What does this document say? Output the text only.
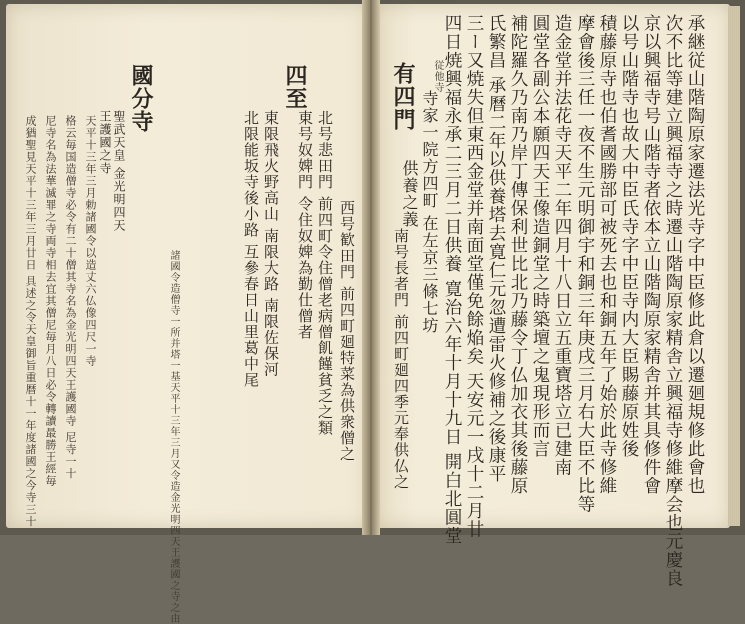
承継従山階陶原家遷法光寺字中臣修此倉以遷廻規修此會也
次不比等建立興福寺之時遷山階陶原家精舎立興福寺修維摩会也元慶良
京以興福寺号山階寺者依本立山階陶原家精舎并其具修件會
以号山階寺也故大中臣氏寺字中臣寺内大臣賜藤原姓後
積藤原寺也伯耆國勝部可被死去也和銅五年了始於此寺修維
摩會後三任一夜不生元明御宇和銅三年庚戌三月右大臣不比等
造金堂并法花寺天平二年四月十八日立五重寶塔立已建南
圓堂各副公本願四天王像造銅堂之時築壇之鬼現形而言
補陀羅久乃南乃岸丁傳保利世比北乃藤令丁仏加衣其後藤原
氏繁昌 承曆二年以供養塔去寛仁元忽遭雷火修補之後康平
三ー又焼失但東西金堂并南面堂僅免餘焔矣 天安元一戌十二月廿
四日焼興福永承二三月二日供養 寛治六年十月十九日 開白北圓堂
有四門 従他寺
寺家一院方四町 在左京三條七坊
供養之義
南号長者門 前四町廻四季元奉供仏之
西号歓田門 前四町廻特菜為供衆僧之
北号悲田門 前四町令住僧老病僧飢饉貧乏之類
東号奴婢門 令住奴婢為勤仕僧者
四至
東限飛火野高山 南限大路 南限佐保河
北限能坂寺後小路 互參春日山里葛中尾
國分寺
聖武天皇 金光明四天
王護國之寺
諸國令造僧寺一所并塔一基天平十三年三月又令造金光明四天王護國之寺之由
天平十三年三月勅諸國令以造丈六仏像四尺一寺
格云毎国造僧寺必令有二十僧其寺名為金光明四天王護國寺 尼寺一十
尼寺名為法華滅罪之寺両寺相去宜其僧尼毎月八日必令轉讀最勝王經毎
成猶聖見天平十三年三月廿日 具述之令天皇御旨重暦十一年度諸國之今寺三十
